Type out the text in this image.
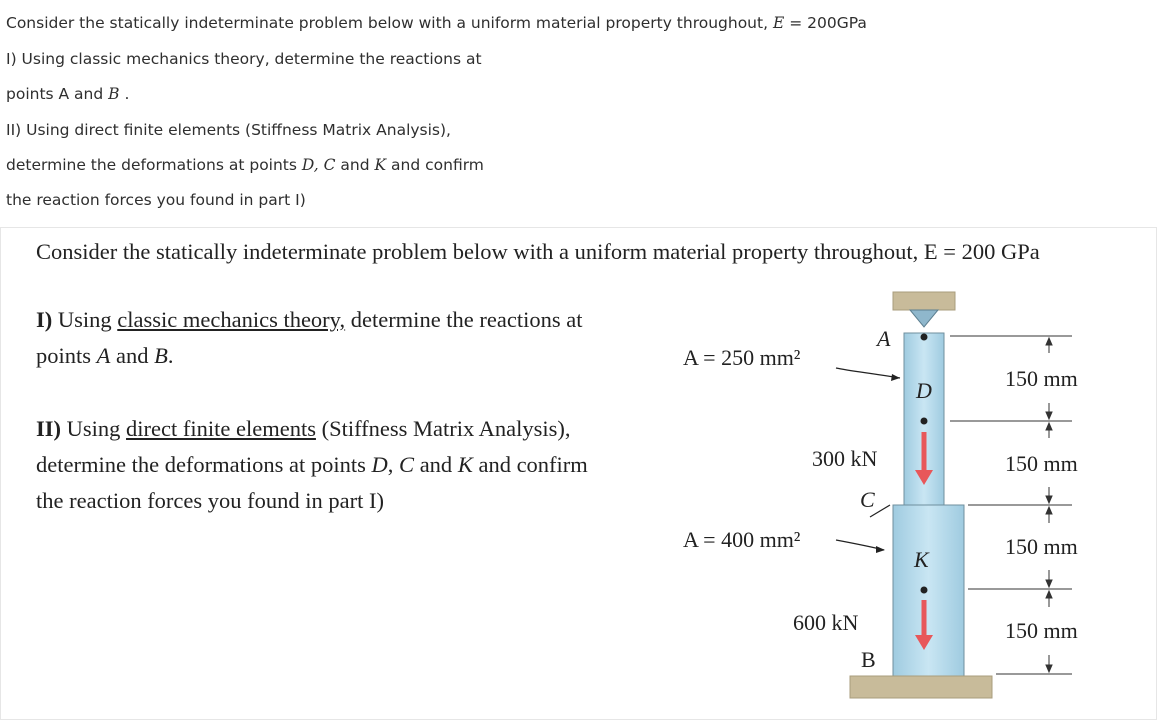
Consider the statically indeterminate problem below with a uniform material property throughout, E = 200GPa
I) Using classic mechanics theory, determine the reactions at
points A and B .
II) Using direct finite elements (Stiffness Matrix Analysis),
determine the deformations at points D, C and K and confirm
the reaction forces you found in part I)
Consider the statically indeterminate problem below with a uniform material property throughout, E = 200 GPa
I) Using classic mechanics theory, determine the reactions at
points A and B.
II) Using direct finite elements (Stiffness Matrix Analysis),
determine the deformations at points D, C and K and confirm
the reaction forces you found in part I)
A
A = 250 mm²
D
300 kN
C
A = 400 mm²
K
600 kN
B
150 mm
150 mm
150 mm
150 mm
